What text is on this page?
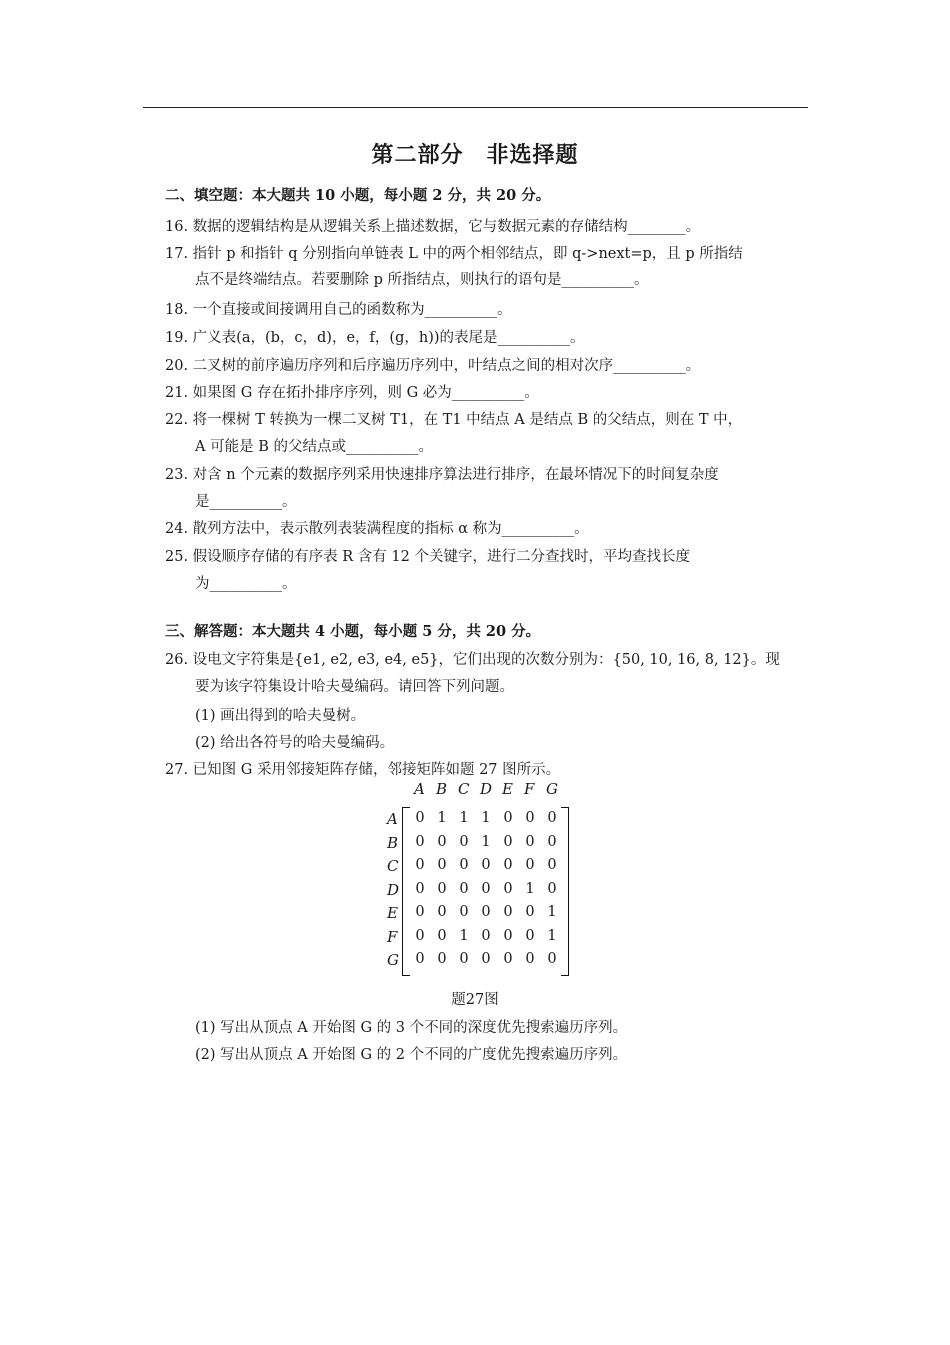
第二部分　非选择题
二、填空题：本大题共 10 小题，每小题 2 分，共 20 分。
16. 数据的逻辑结构是从逻辑关系上描述数据，它与数据元素的存储结构________。
17. 指针 p 和指针 q 分别指向单链表 L 中的两个相邻结点，即 q->next=p，且 p 所指结
点不是终端结点。若要删除 p 所指结点，则执行的语句是__________。
18. 一个直接或间接调用自己的函数称为__________。
19. 广义表(a，(b，c，d)，e，f，(g，h))的表尾是__________。
20. 二叉树的前序遍历序列和后序遍历序列中，叶结点之间的相对次序__________。
21. 如果图 G 存在拓扑排序序列，则 G 必为__________。
22. 将一棵树 T 转换为一棵二叉树 T1，在 T1 中结点 A 是结点 B 的父结点，则在 T 中，
A 可能是 B 的父结点或__________。
23. 对含 n 个元素的数据序列采用快速排序算法进行排序，在最坏情况下的时间复杂度
是__________。
24. 散列方法中，表示散列表装满程度的指标 α 称为__________。
25. 假设顺序存储的有序表 R 含有 12 个关键字，进行二分查找时，平均查找长度
为__________。
三、解答题：本大题共 4 小题，每小题 5 分，共 20 分。
26. 设电文字符集是{e1, e2, e3, e4, e5}，它们出现的次数分别为：{50, 10, 16, 8, 12}。现
要为该字符集设计哈夫曼编码。请回答下列问题。
(1) 画出得到的哈夫曼树。
(2) 给出各符号的哈夫曼编码。
27. 已知图 G 采用邻接矩阵存储，邻接矩阵如题 27 图所示。
A
A
B
B
C
C
D
D
E
E
F
F
G
G
0 1 1 1 0 0 0
0 0 0 1 0 0 0
0 0 0 0 0 0 0
0 0 0 0 0 1 0
0 0 0 0 0 0 1
0 0 1 0 0 0 1
0 0 0 0 0 0 0
题27图
(1) 写出从顶点 A 开始图 G 的 3 个不同的深度优先搜索遍历序列。
(2) 写出从顶点 A 开始图 G 的 2 个不同的广度优先搜索遍历序列。
